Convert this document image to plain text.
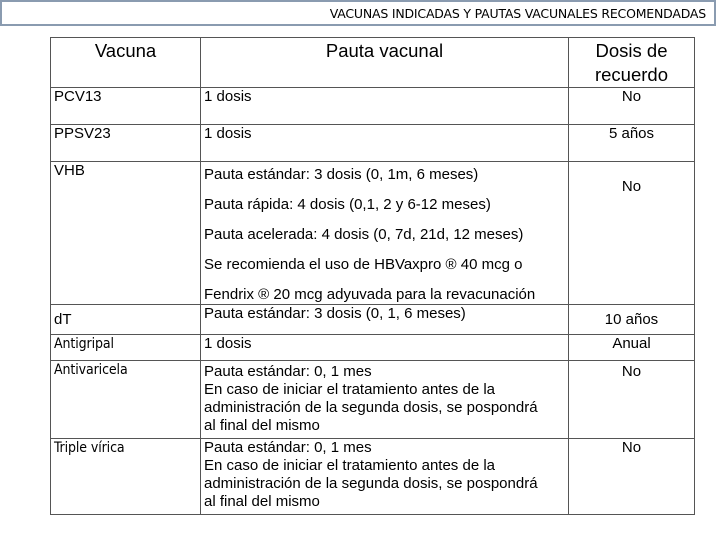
VACUNAS INDICADAS Y PAUTAS VACUNALES RECOMENDADAS
Vacuna	Pauta vacunal	Dosis de
recuerdo

PCV13	1 dosis	No
PPSV23	1 dosis	5 años
VHB	Pauta estándar: 3 dosis (0, 1m, 6 meses)
Pauta rápida: 4 dosis (0,1, 2 y 6-12 meses)
Pauta acelerada: 4 dosis (0, 7d, 21d, 12 meses)
Se recomienda el uso de HBVaxpro ® 40 mcg o
Fendrix ® 20 mcg adyuvada para la revacunación	No
dT	Pauta estándar: 3 dosis (0, 1, 6 meses)	10 años
Antigripal	1 dosis	Anual
Antivaricela	Pauta estándar: 0, 1 mes
En caso de iniciar el tratamiento antes de la
administración de la segunda dosis, se pospondrá
al final del mismo	No
Triple vírica	Pauta estándar: 0, 1 mes
En caso de iniciar el tratamiento antes de la
administración de la segunda dosis, se pospondrá
al final del mismo	No
